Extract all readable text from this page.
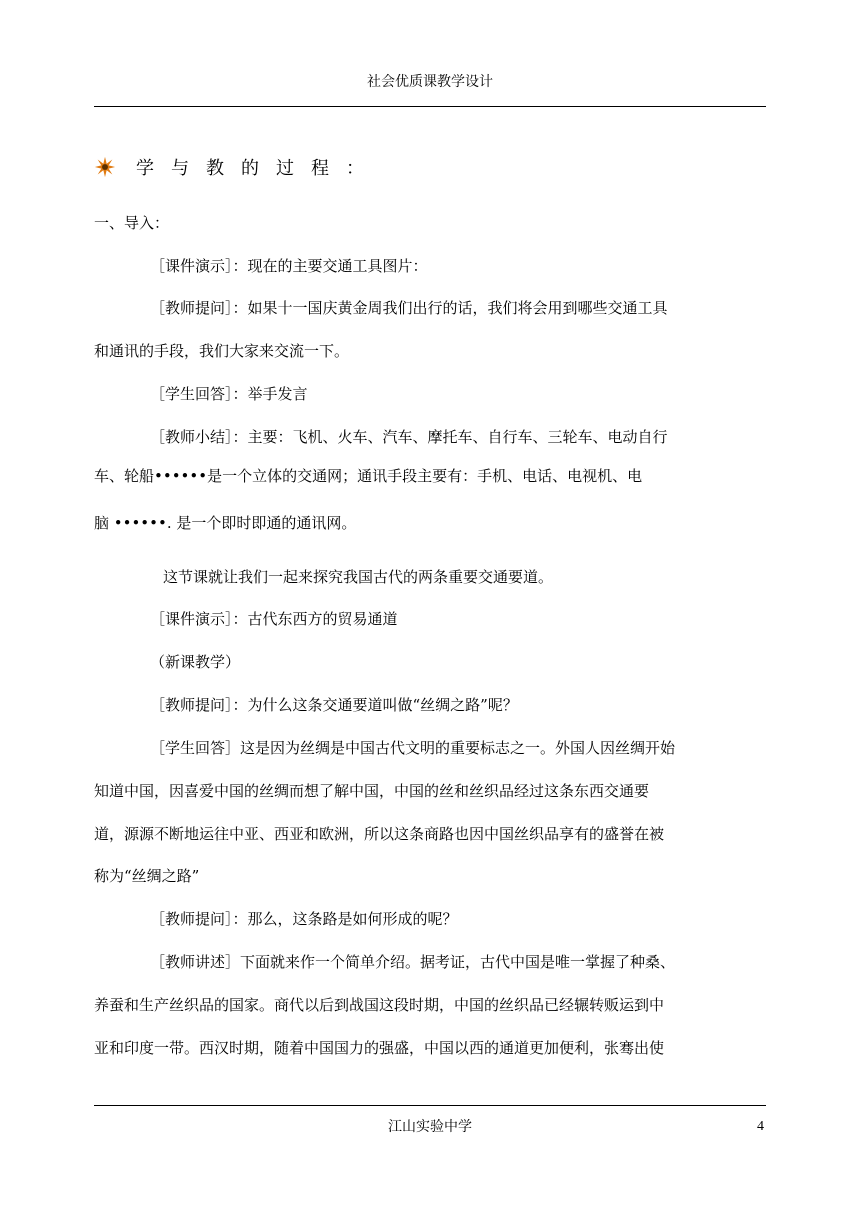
社会优质课教学设计
学与教的过程：
一、导入：
［课件演示］：现在的主要交通工具图片：
［教师提问］：如果十一国庆黄金周我们出行的话，我们将会用到哪些交通工具
和通讯的手段，我们大家来交流一下。
［学生回答］：举手发言
［教师小结］：主要：飞机、火车、汽车、摩托车、自行车、三轮车、电动自行
车、轮船••••••是一个立体的交通网；通讯手段主要有：手机、电话、电视机、电
脑 ••••••. 是一个即时即通的通讯网。
这节课就让我们一起来探究我国古代的两条重要交通要道。
［课件演示］：古代东西方的贸易通道
（新课教学）
［教师提问］：为什么这条交通要道叫做“丝绸之路”呢？
［学生回答］这是因为丝绸是中国古代文明的重要标志之一。外国人因丝绸开始
知道中国，因喜爱中国的丝绸而想了解中国，中国的丝和丝织品经过这条东西交通要
道，源源不断地运往中亚、西亚和欧洲，所以这条商路也因中国丝织品享有的盛誉在被
称为“丝绸之路”
［教师提问］：那么，这条路是如何形成的呢？
［教师讲述］下面就来作一个简单介绍。据考证，古代中国是唯一掌握了种桑、
养蚕和生产丝织品的国家。商代以后到战国这段时期，中国的丝织品已经辗转贩运到中
亚和印度一带。西汉时期，随着中国国力的强盛，中国以西的通道更加便利，张骞出使
江山实验中学	4
